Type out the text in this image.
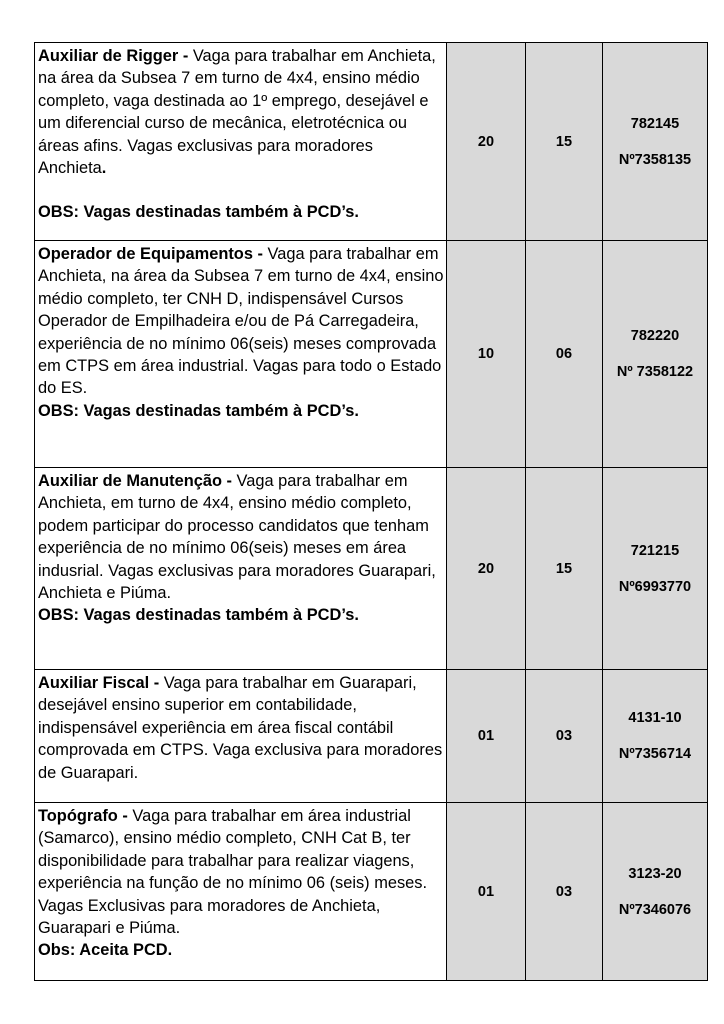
Auxiliar de Rigger - Vaga para trabalhar em Anchieta, na área da Subsea 7 em turno de 4x4, ensino médio completo, vaga destinada ao 1º emprego, desejável e um diferencial curso de mecânica, eletrotécnica ou áreas afins. Vagas exclusivas para moradores Anchieta.
OBS: Vagas destinadas também à PCD’s.	20	15	782145
Nº7358135

Operador de Equipamentos - Vaga para trabalhar em Anchieta, na área da Subsea 7 em turno de 4x4, ensino médio completo, ter CNH D, indispensável Cursos Operador de Empilhadeira e/ou de Pá Carregadeira, experiência de no mínimo 06(seis) meses comprovada em CTPS em área industrial. Vagas para todo o Estado do ES.
OBS: Vagas destinadas também à PCD’s.	10	06	782220
Nº 7358122

Auxiliar de Manutenção - Vaga para trabalhar em Anchieta, em turno de 4x4, ensino médio completo, podem participar do processo candidatos que tenham experiência de no mínimo 06(seis) meses em área indusrial. Vagas exclusivas para moradores Guarapari, Anchieta e Piúma.
OBS: Vagas destinadas também à PCD’s.	20	15	721215
Nº6993770

Auxiliar Fiscal - Vaga para trabalhar em Guarapari, desejável ensino superior em contabilidade, indispensável experiência em área fiscal contábil comprovada em CTPS. Vaga exclusiva para moradores de Guarapari.	01	03	4131-10
Nº7356714

Topógrafo - Vaga para trabalhar em área industrial (Samarco), ensino médio completo, CNH Cat B, ter disponibilidade para trabalhar para realizar viagens, experiência na função de no mínimo 06 (seis) meses. Vagas Exclusivas para moradores de Anchieta, Guarapari e Piúma.
Obs: Aceita PCD.	01	03	3123-20
Nº7346076
